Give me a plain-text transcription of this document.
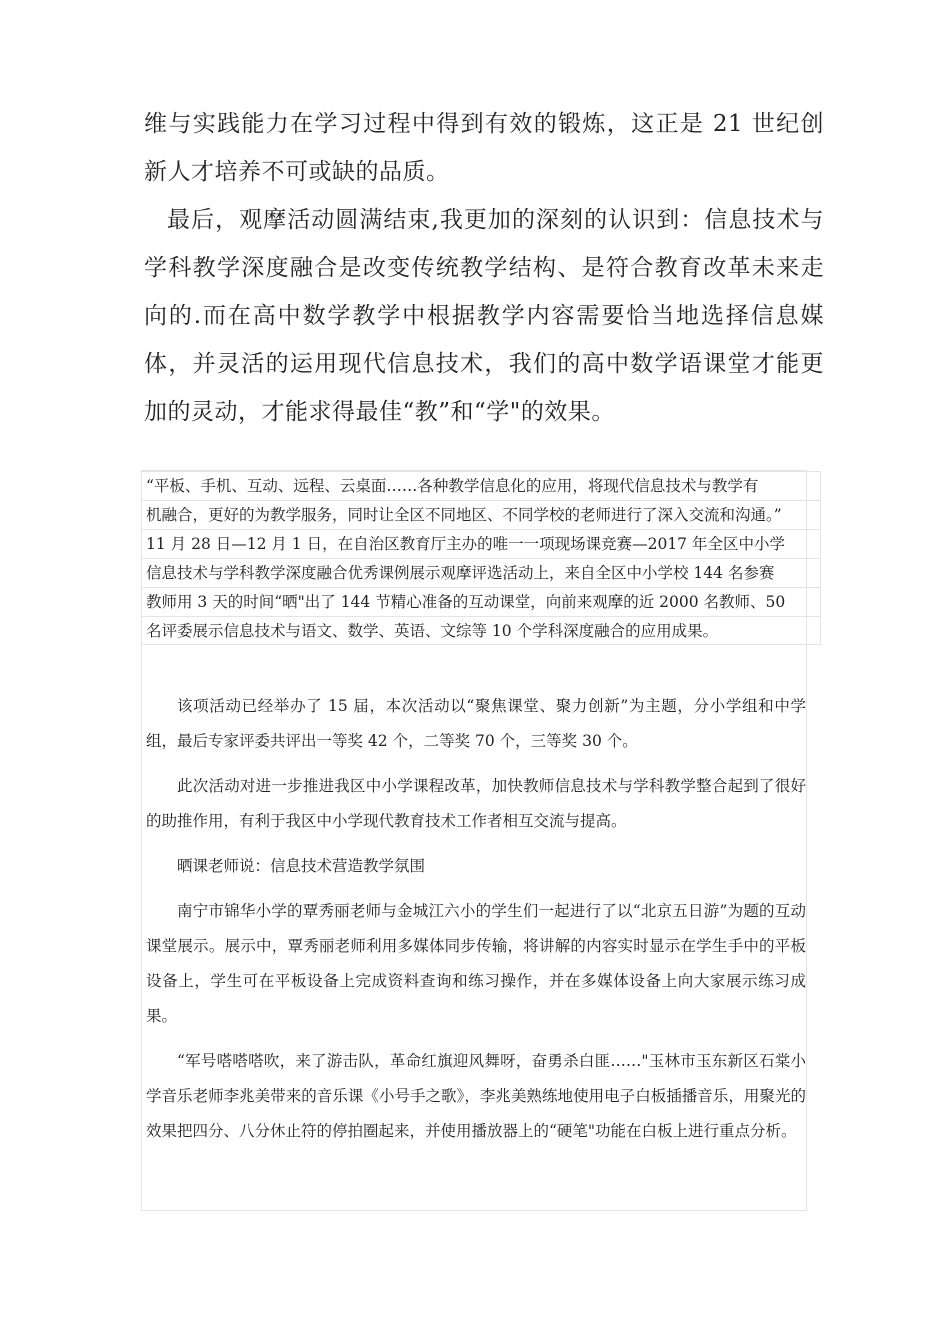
维与实践能力在学习过程中得到有效的锻炼，这正是 21 世纪创新人才培养不可或缺的品质。

最后，观摩活动圆满结束,我更加的深刻的认识到：信息技术与学科教学深度融合是改变传统教学结构、是符合教育改革未来走向的.而在高中数学教学中根据教学内容需要恰当地选择信息媒体，并灵活的运用现代信息技术，我们的高中数学语课堂才能更加的灵动，才能求得最佳“教”和“学"的效果。

“平板、手机、互动、远程、云桌面……各种教学信息化的应用，将现代信息技术与教学有
机融合，更好的为教学服务，同时让全区不同地区、不同学校的老师进行了深入交流和沟通。”
11 月 28 日—12 月 1 日，在自治区教育厅主办的唯一一项现场课竞赛—2017 年全区中小学
信息技术与学科教学深度融合优秀课例展示观摩评选活动上，来自全区中小学校 144 名参赛
教师用 3 天的时间“晒"出了 144 节精心准备的互动课堂，向前来观摩的近 2000 名教师、50
名评委展示信息技术与语文、数学、英语、文综等 10 个学科深度融合的应用成果。

该项活动已经举办了 15 届，本次活动以“聚焦课堂、聚力创新”为主题，分小学组和中学组，最后专家评委共评出一等奖 42 个，二等奖 70 个，三等奖 30 个。

此次活动对进一步推进我区中小学课程改革，加快教师信息技术与学科教学整合起到了很好的助推作用，有利于我区中小学现代教育技术工作者相互交流与提高。

晒课老师说：信息技术营造教学氛围

南宁市锦华小学的覃秀丽老师与金城江六小的学生们一起进行了以“北京五日游”为题的互动课堂展示。展示中，覃秀丽老师利用多媒体同步传输，将讲解的内容实时显示在学生手中的平板设备上，学生可在平板设备上完成资料查询和练习操作，并在多媒体设备上向大家展示练习成果。

“军号嗒嗒嗒吹，来了游击队，革命红旗迎风舞呀，奋勇杀白匪……"玉林市玉东新区石棠小学音乐老师李兆美带来的音乐课《小号手之歌》，李兆美熟练地使用电子白板插播音乐，用聚光的效果把四分、八分休止符的停拍圈起来，并使用播放器上的“硬笔"功能在白板上进行重点分析。
